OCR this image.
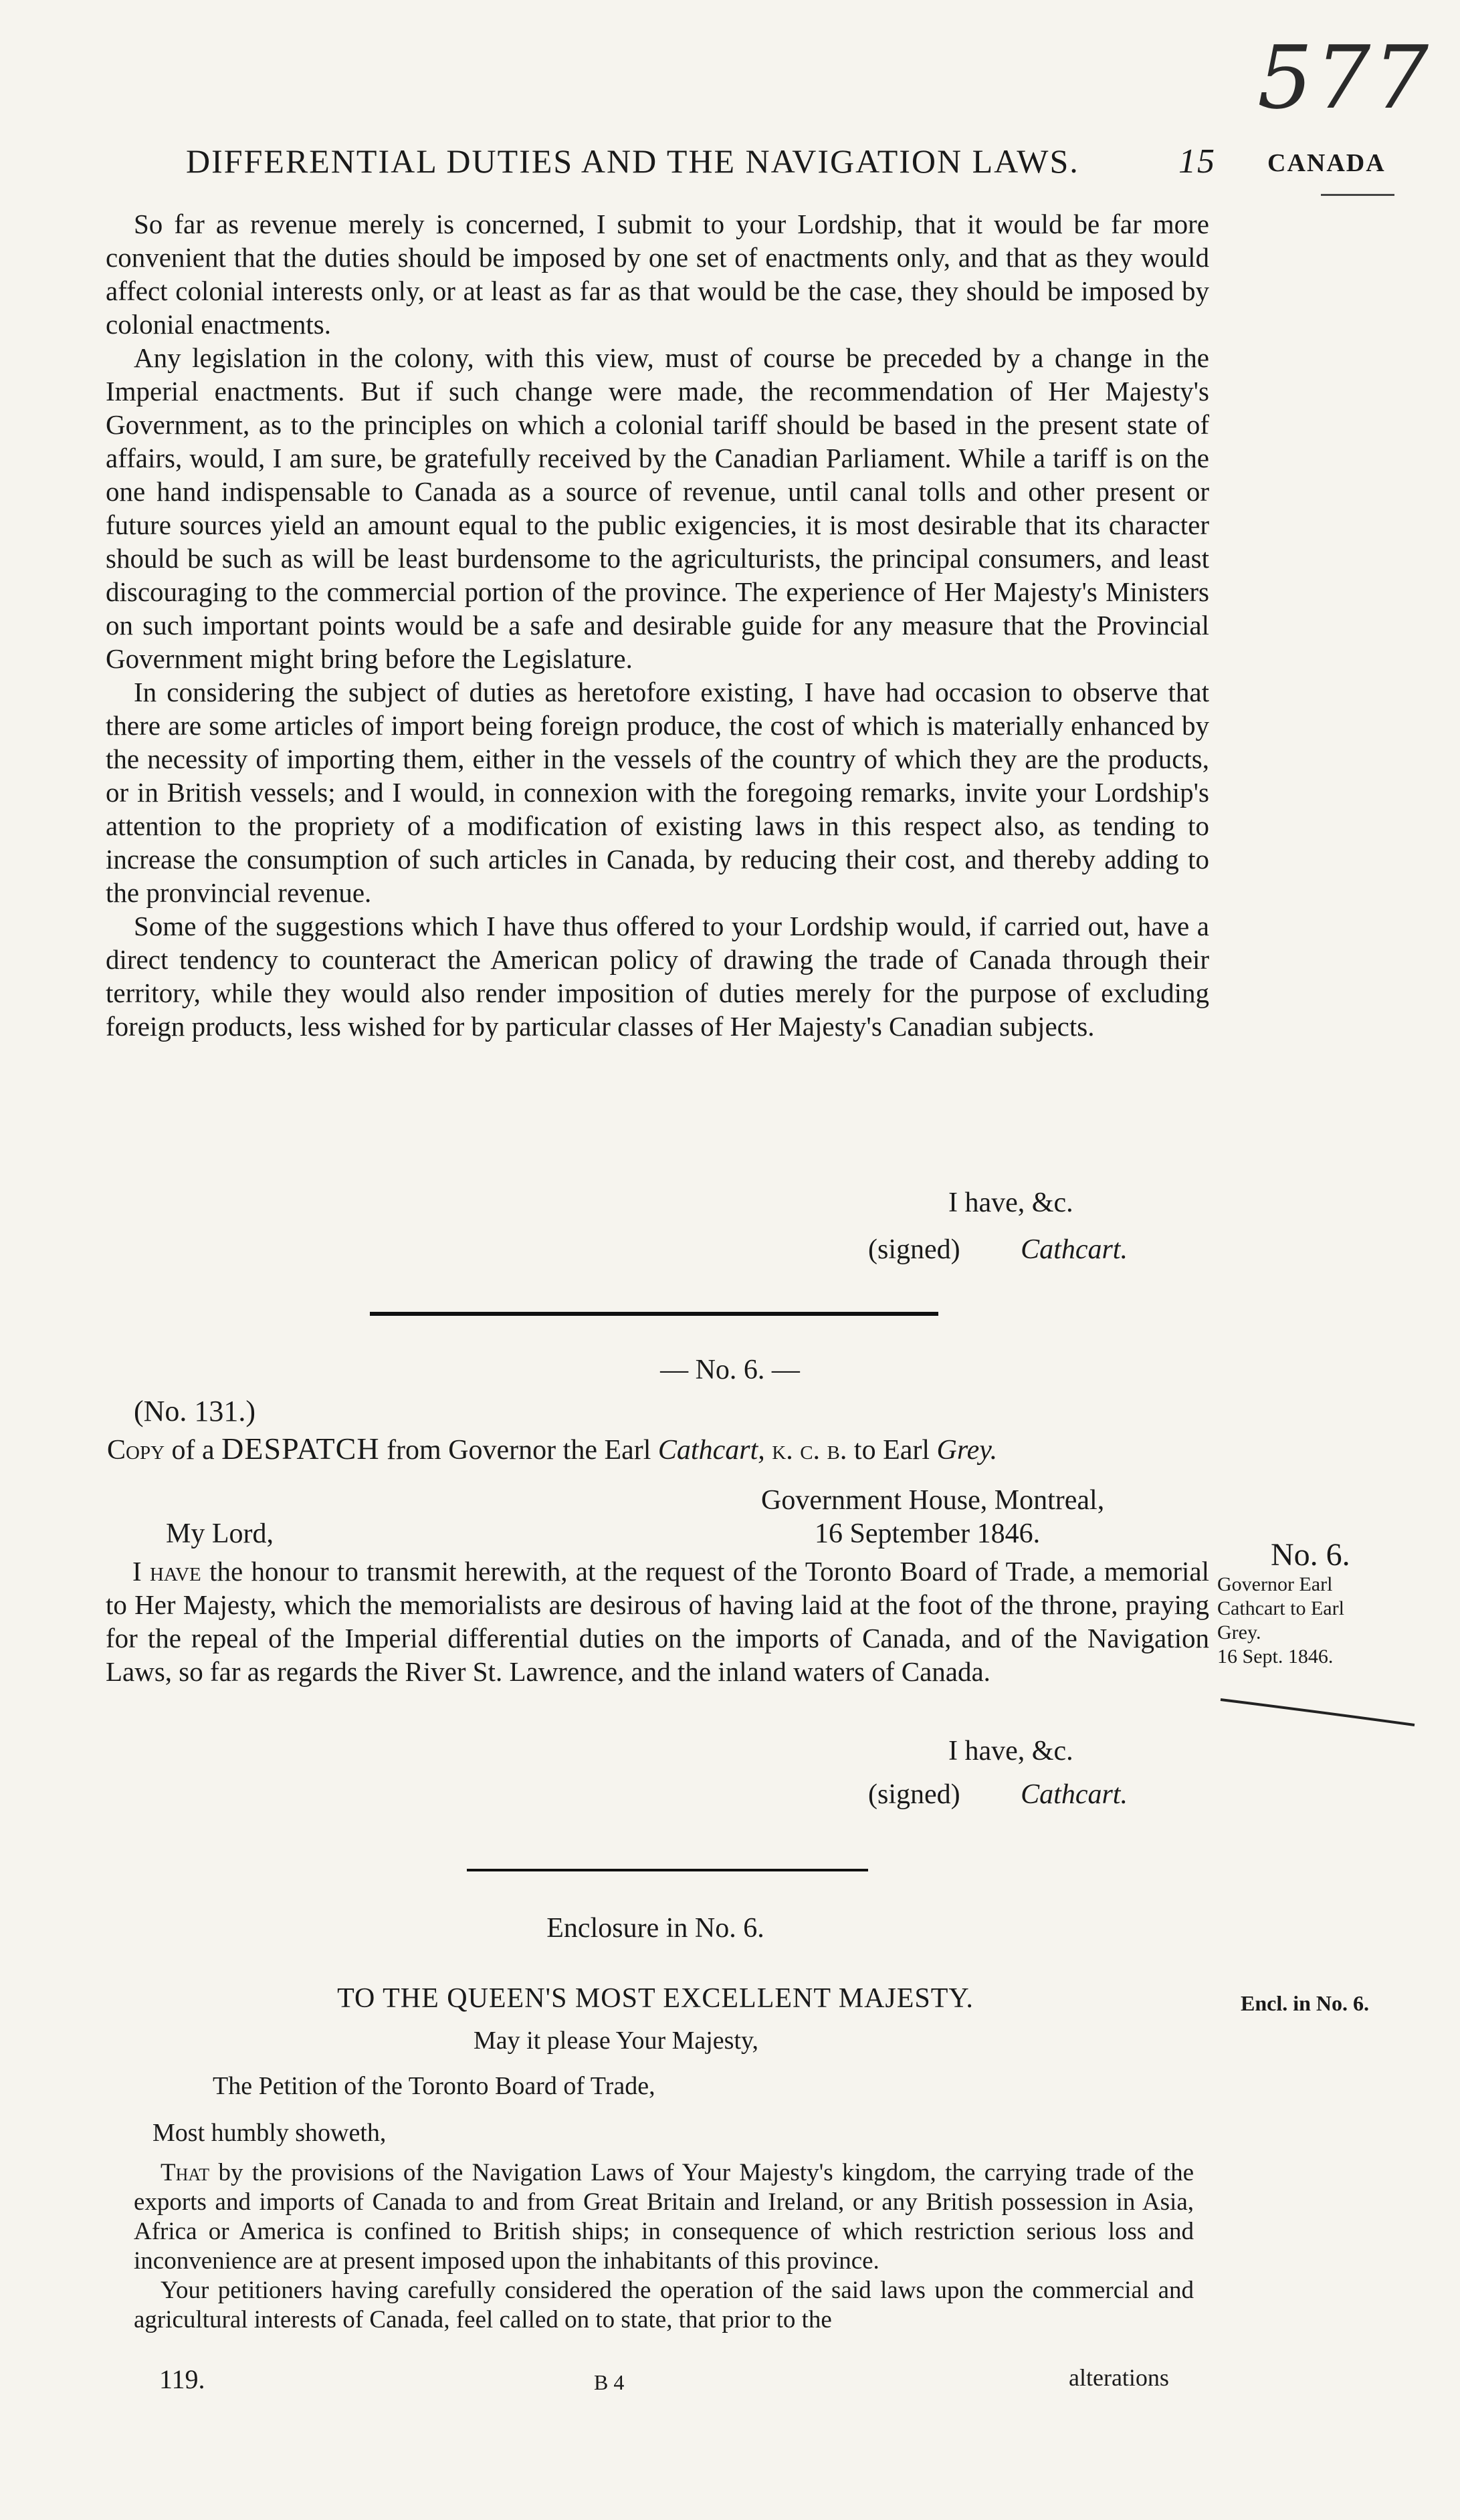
577
DIFFERENTIAL DUTIES AND THE NAVIGATION LAWS.	15 CANADA

So far as revenue merely is concerned, I submit to your Lordship, that it would be far more convenient that the duties should be imposed by one set of enactments only, and that as they would affect colonial interests only, or at least as far as that would be the case, they should be imposed by colonial enactments.

Any legislation in the colony, with this view, must of course be preceded by a change in the Imperial enactments. But if such change were made, the recommendation of Her Majesty's Government, as to the principles on which a colonial tariff should be based in the present state of affairs, would, I am sure, be gratefully received by the Canadian Parliament. While a tariff is on the one hand indispensable to Canada as a source of revenue, until canal tolls and other present or future sources yield an amount equal to the public exigencies, it is most desirable that its character should be such as will be least burdensome to the agriculturists, the principal consumers, and least discouraging to the commercial portion of the province. The experience of Her Majesty's Ministers on such important points would be a safe and desirable guide for any measure that the Provincial Government might bring before the Legislature.

In considering the subject of duties as heretofore existing, I have had occasion to observe that there are some articles of import being foreign produce, the cost of which is materially enhanced by the necessity of importing them, either in the vessels of the country of which they are the products, or in British vessels; and I would, in connexion with the foregoing remarks, invite your Lordship's attention to the propriety of a modification of existing laws in this respect also, as tending to increase the consumption of such articles in Canada, by reducing their cost, and thereby adding to the pronvincial revenue.

Some of the suggestions which I have thus offered to your Lordship would, if carried out, have a direct tendency to counteract the American policy of drawing the trade of Canada through their territory, while they would also render imposition of duties merely for the purpose of excluding foreign products, less wished for by particular classes of Her Majesty's Canadian subjects.

I have, &c.
(signed) Cathcart.
— No. 6. —
(No. 131.)
Copy of a DESPATCH from Governor the Earl Cathcart, k. c. b. to Earl Grey.
Government House, Montreal,
16 September 1846.
My Lord,

I have the honour to transmit herewith, at the request of the Toronto Board of Trade, a memorial to Her Majesty, which the memorialists are desirous of having laid at the foot of the throne, praying for the repeal of the Imperial differential duties on the imports of Canada, and of the Navigation Laws, so far as regards the River St. Lawrence, and the inland waters of Canada.

No. 6.
Governor Earl
Cathcart to Earl
Grey.
16 Sept. 1846.
I have, &c.
(signed) Cathcart.
Enclosure in No. 6.
TO THE QUEEN'S MOST EXCELLENT MAJESTY.	Encl. in No. 6.
May it please Your Majesty,
The Petition of the Toronto Board of Trade,
Most humbly showeth,

That by the provisions of the Navigation Laws of Your Majesty's kingdom, the carrying trade of the exports and imports of Canada to and from Great Britain and Ireland, or any British possession in Asia, Africa or America is confined to British ships; in consequence of which restriction serious loss and inconvenience are at present imposed upon the inhabitants of this province.

Your petitioners having carefully considered the operation of the said laws upon the commercial and agricultural interests of Canada, feel called on to state, that prior to the

119.	B 4	alterations
